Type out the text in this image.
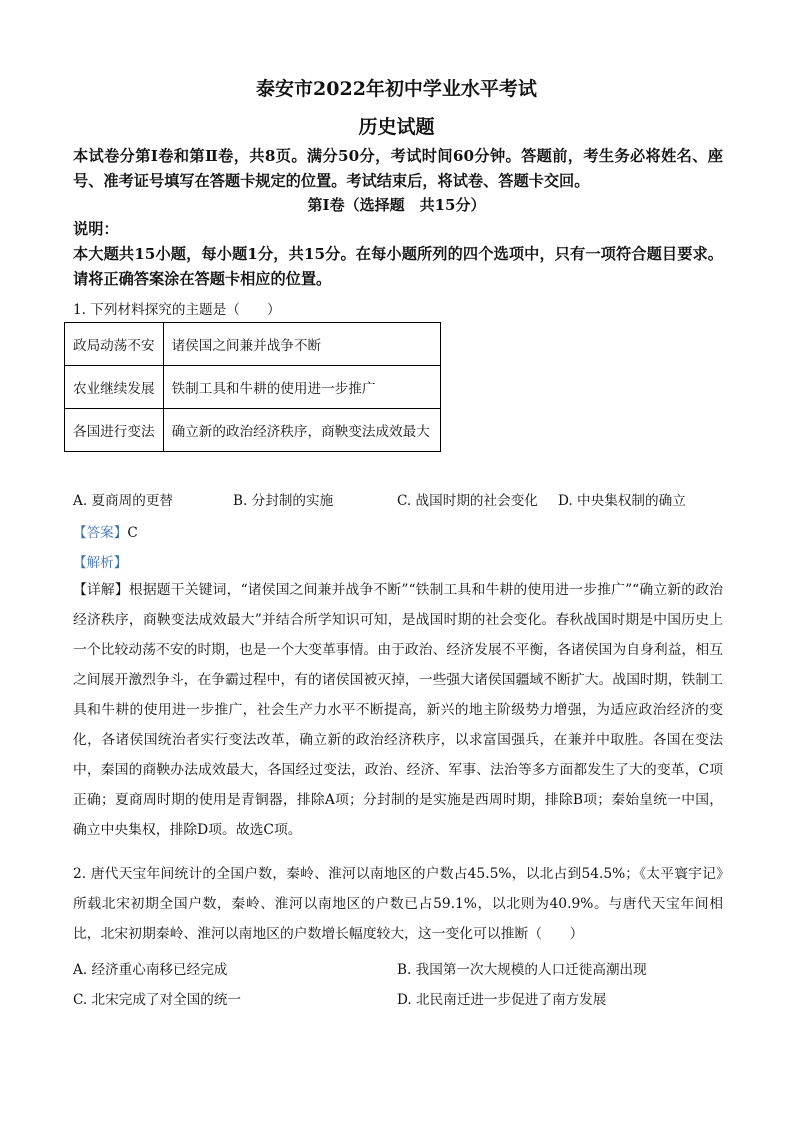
泰安市2022年初中学业水平考试
历史试题
本试卷分第Ⅰ卷和第Ⅱ卷，共8页。满分50分，考试时间60分钟。答题前，考生务必将姓名、座号、准考证号填写在答题卡规定的位置。考试结束后，将试卷、答题卡交回。
第Ⅰ卷（选择题　共15分）
说明：
本大题共15小题，每小题1分，共15分。在每小题所列的四个选项中，只有一项符合题目要求。请将正确答案涂在答题卡相应的位置。
1. 下列材料探究的主题是（　　）
政局动荡不安	诸侯国之间兼并战争不断
农业继续发展	铁制工具和牛耕的使用进一步推广
各国进行变法	确立新的政治经济秩序，商鞅变法成效最大
A. 夏商周的更替	B. 分封制的实施	C. 战国时期的社会变化 D. 中央集权制的确立
【答案】C
【解析】
【详解】根据题干关键词，“诸侯国之间兼并战争不断”“铁制工具和牛耕的使用进一步推广”“确立新的政治经济秩序，商鞅变法成效最大”并结合所学知识可知，是战国时期的社会变化。春秋战国时期是中国历史上一个比较动荡不安的时期，也是一个大变革事情。由于政治、经济发展不平衡，各诸侯国为自身利益，相互之间展开激烈争斗，在争霸过程中，有的诸侯国被灭掉，一些强大诸侯国疆域不断扩大。战国时期，铁制工具和牛耕的使用进一步推广，社会生产力水平不断提高，新兴的地主阶级势力增强，为适应政治经济的变化，各诸侯国统治者实行变法改革，确立新的政治经济秩序，以求富国强兵，在兼并中取胜。各国在变法中，秦国的商鞅办法成效最大，各国经过变法，政治、经济、军事、法治等多方面都发生了大的变革，C项正确；夏商周时期的使用是青铜器，排除A项；分封制的是实施是西周时期，排除B项；秦始皇统一中国，确立中央集权，排除D项。故选C项。
2. 唐代天宝年间统计的全国户数，秦岭、淮河以南地区的户数占45.5%，以北占到54.5%；《太平寰宇记》所载北宋初期全国户数，秦岭、淮河以南地区的户数已占59.1%，以北则为40.9%。与唐代天宝年间相比，北宋初期秦岭、淮河以南地区的户数增长幅度较大，这一变化可以推断（　　）
A. 经济重心南移已经完成	B. 我国第一次大规模的人口迁徙高潮出现
C. 北宋完成了对全国的统一	D. 北民南迁进一步促进了南方发展
